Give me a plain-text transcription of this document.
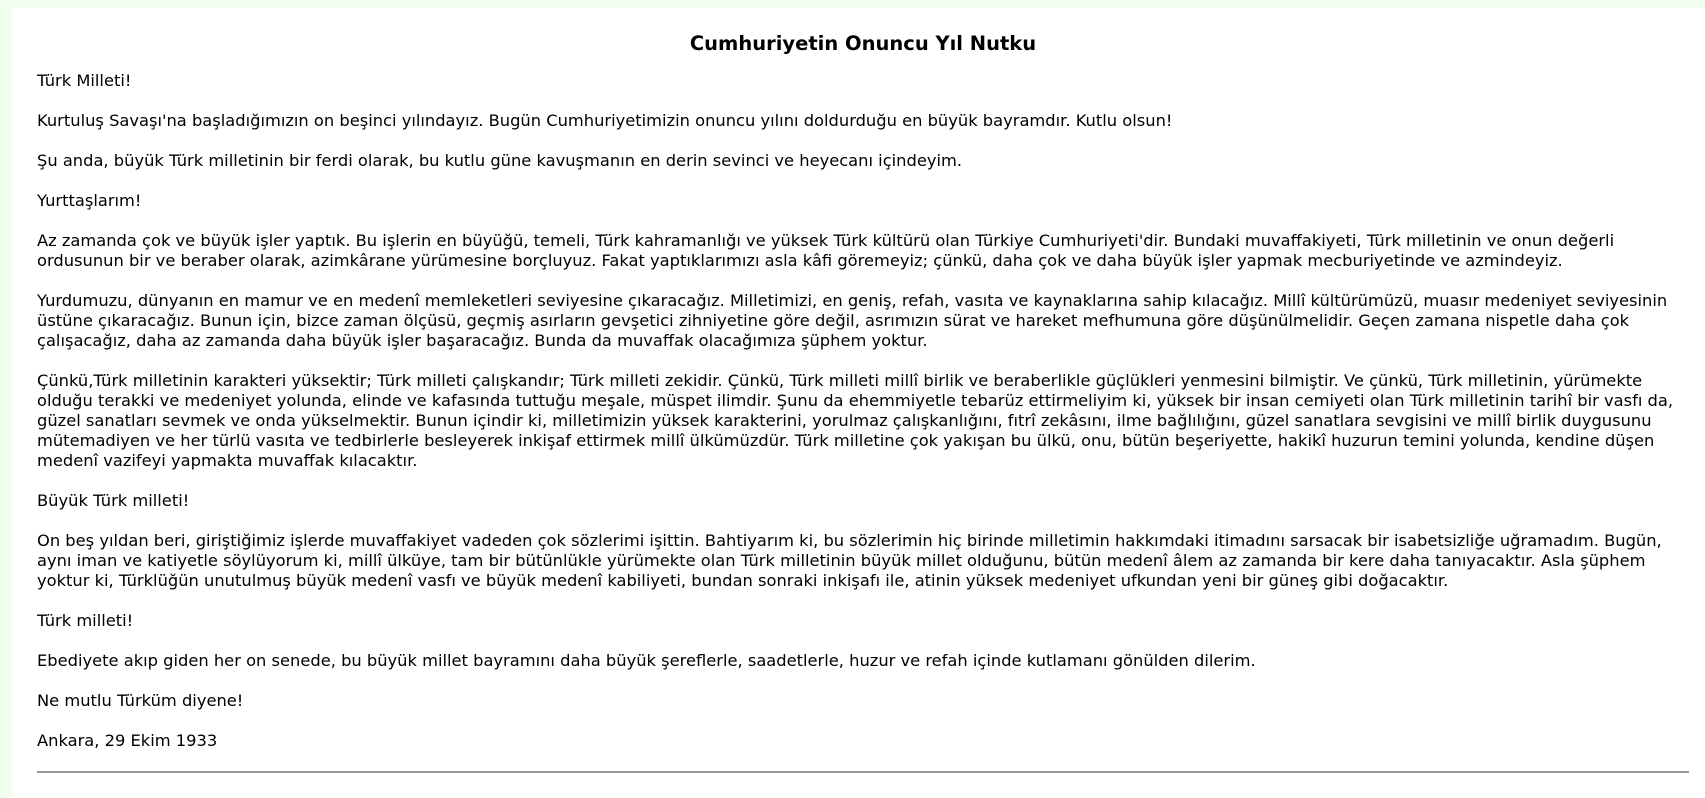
Cumhuriyetin Onuncu Yıl Nutku

Türk Milleti!

Kurtuluş Savaşı'na başladığımızın on beşinci yılındayız. Bugün Cumhuriyetimizin onuncu yılını doldurduğu en büyük bayramdır. Kutlu olsun!

Şu anda, büyük Türk milletinin bir ferdi olarak, bu kutlu güne kavuşmanın en derin sevinci ve heyecanı içindeyim.

Yurttaşlarım!

Az zamanda çok ve büyük işler yaptık. Bu işlerin en büyüğü, temeli, Türk kahramanlığı ve yüksek Türk kültürü olan Türkiye Cumhuriyeti'dir. Bundaki muvaffakiyeti, Türk milletinin ve onun değerli ordusunun bir ve beraber olarak, azimkârane yürümesine borçluyuz. Fakat yaptıklarımızı asla kâfi göremeyiz; çünkü, daha çok ve daha büyük işler yapmak mecburiyetinde ve azmindeyiz.

Yurdumuzu, dünyanın en mamur ve en medenî memleketleri seviyesine çıkaracağız. Milletimizi, en geniş, refah, vasıta ve kaynaklarına sahip kılacağız. Millî kültürümüzü, muasır medeniyet seviyesinin üstüne çıkaracağız. Bunun için, bizce zaman ölçüsü, geçmiş asırların gevşetici zihniyetine göre değil, asrımızın sürat ve hareket mefhumuna göre düşünülmelidir. Geçen zamana nispetle daha çok çalışacağız, daha az zamanda daha büyük işler başaracağız. Bunda da muvaffak olacağımıza şüphem yoktur.

Çünkü,Türk milletinin karakteri yüksektir; Türk milleti çalışkandır; Türk milleti zekidir. Çünkü, Türk milleti millî birlik ve beraberlikle güçlükleri yenmesini bilmiştir. Ve çünkü, Türk milletinin, yürümekte olduğu terakki ve medeniyet yolunda, elinde ve kafasında tuttuğu meşale, müspet ilimdir. Şunu da ehemmiyetle tebarüz ettirmeliyim ki, yüksek bir insan cemiyeti olan Türk milletinin tarihî bir vasfı da, güzel sanatları sevmek ve onda yükselmektir. Bunun içindir ki, milletimizin yüksek karakterini, yorulmaz çalışkanlığını, fıtrî zekâsını, ilme bağlılığını, güzel sanatlara sevgisini ve millî birlik duygusunu mütemadiyen ve her türlü vasıta ve tedbirlerle besleyerek inkişaf ettirmek millî ülkümüzdür. Türk milletine çok yakışan bu ülkü, onu, bütün beşeriyette, hakikî huzurun temini yolunda, kendine düşen medenî vazifeyi yapmakta muvaffak kılacaktır.

Büyük Türk milleti!

On beş yıldan beri, giriştiğimiz işlerde muvaffakiyet vadeden çok sözlerimi işittin. Bahtiyarım ki, bu sözlerimin hiç birinde milletimin hakkımdaki itimadını sarsacak bir isabetsizliğe uğramadım. Bugün, aynı iman ve katiyetle söylüyorum ki, millî ülküye, tam bir bütünlükle yürümekte olan Türk milletinin büyük millet olduğunu, bütün medenî âlem az zamanda bir kere daha tanıyacaktır. Asla şüphem yoktur ki, Türklüğün unutulmuş büyük medenî vasfı ve büyük medenî kabiliyeti, bundan sonraki inkişafı ile, atinin yüksek medeniyet ufkundan yeni bir güneş gibi doğacaktır.

Türk milleti!

Ebediyete akıp giden her on senede, bu büyük millet bayramını daha büyük şereflerle, saadetlerle, huzur ve refah içinde kutlamanı gönülden dilerim.

Ne mutlu Türküm diyene!

Ankara, 29 Ekim 1933
